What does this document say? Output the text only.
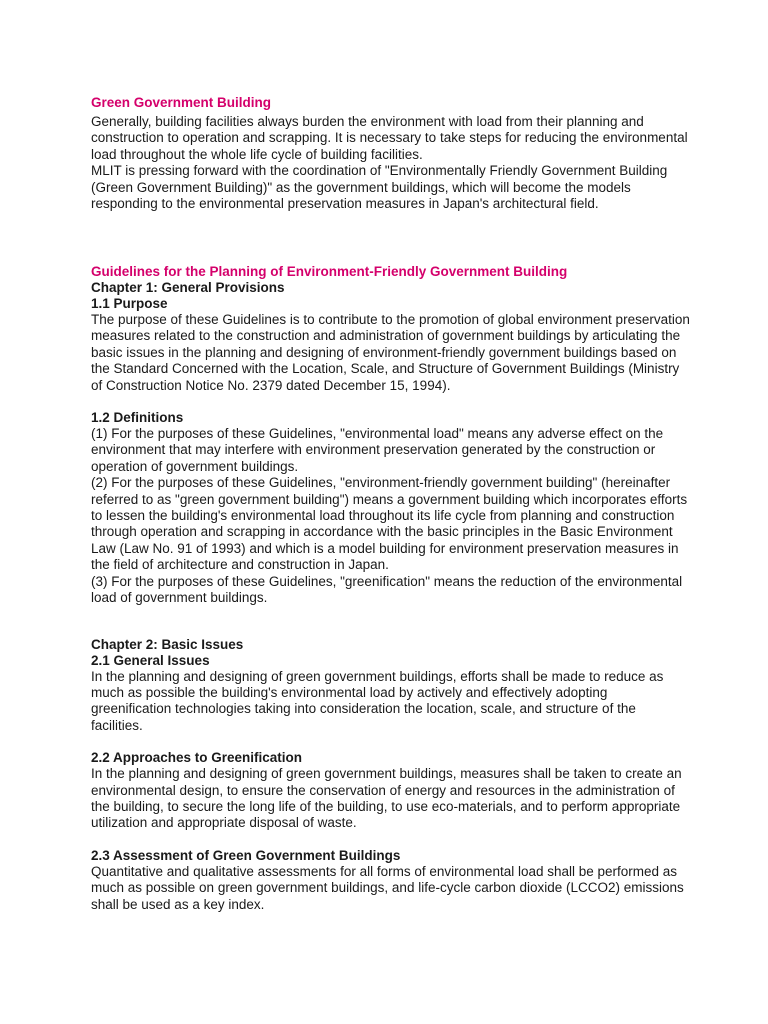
Green Government Building

Generally, building facilities always burden the environment with load from their planning and construction to operation and scrapping. It is necessary to take steps for reducing the environmental load throughout the whole life cycle of building facilities.

MLIT is pressing forward with the coordination of "Environmentally Friendly Government Building (Green Government Building)" as the government buildings, which will become the models responding to the environmental preservation measures in Japan's architectural field.

Guidelines for the Planning of Environment-Friendly Government Building

Chapter 1: General Provisions

1.1 Purpose

The purpose of these Guidelines is to contribute to the promotion of global environment preservation measures related to the construction and administration of government buildings by articulating the basic issues in the planning and designing of environment-friendly government buildings based on the Standard Concerned with the Location, Scale, and Structure of Government Buildings (Ministry of Construction Notice No. 2379 dated December 15, 1994).

1.2 Definitions

(1) For the purposes of these Guidelines, "environmental load" means any adverse effect on the environment that may interfere with environment preservation generated by the construction or operation of government buildings.

(2) For the purposes of these Guidelines, "environment-friendly government building" (hereinafter referred to as "green government building") means a government building which incorporates efforts to lessen the building's environmental load throughout its life cycle from planning and construction through operation and scrapping in accordance with the basic principles in the Basic Environment Law (Law No. 91 of 1993) and which is a model building for environment preservation measures in the field of architecture and construction in Japan.

(3) For the purposes of these Guidelines, "greenification" means the reduction of the environmental load of government buildings.

Chapter 2: Basic Issues

2.1 General Issues

In the planning and designing of green government buildings, efforts shall be made to reduce as much as possible the building's environmental load by actively and effectively adopting greenification technologies taking into consideration the location, scale, and structure of the facilities.

2.2 Approaches to Greenification

In the planning and designing of green government buildings, measures shall be taken to create an environmental design, to ensure the conservation of energy and resources in the administration of the building, to secure the long life of the building, to use eco-materials, and to perform appropriate utilization and appropriate disposal of waste.

2.3 Assessment of Green Government Buildings

Quantitative and qualitative assessments for all forms of environmental load shall be performed as much as possible on green government buildings, and life-cycle carbon dioxide (LCCO2) emissions shall be used as a key index.
